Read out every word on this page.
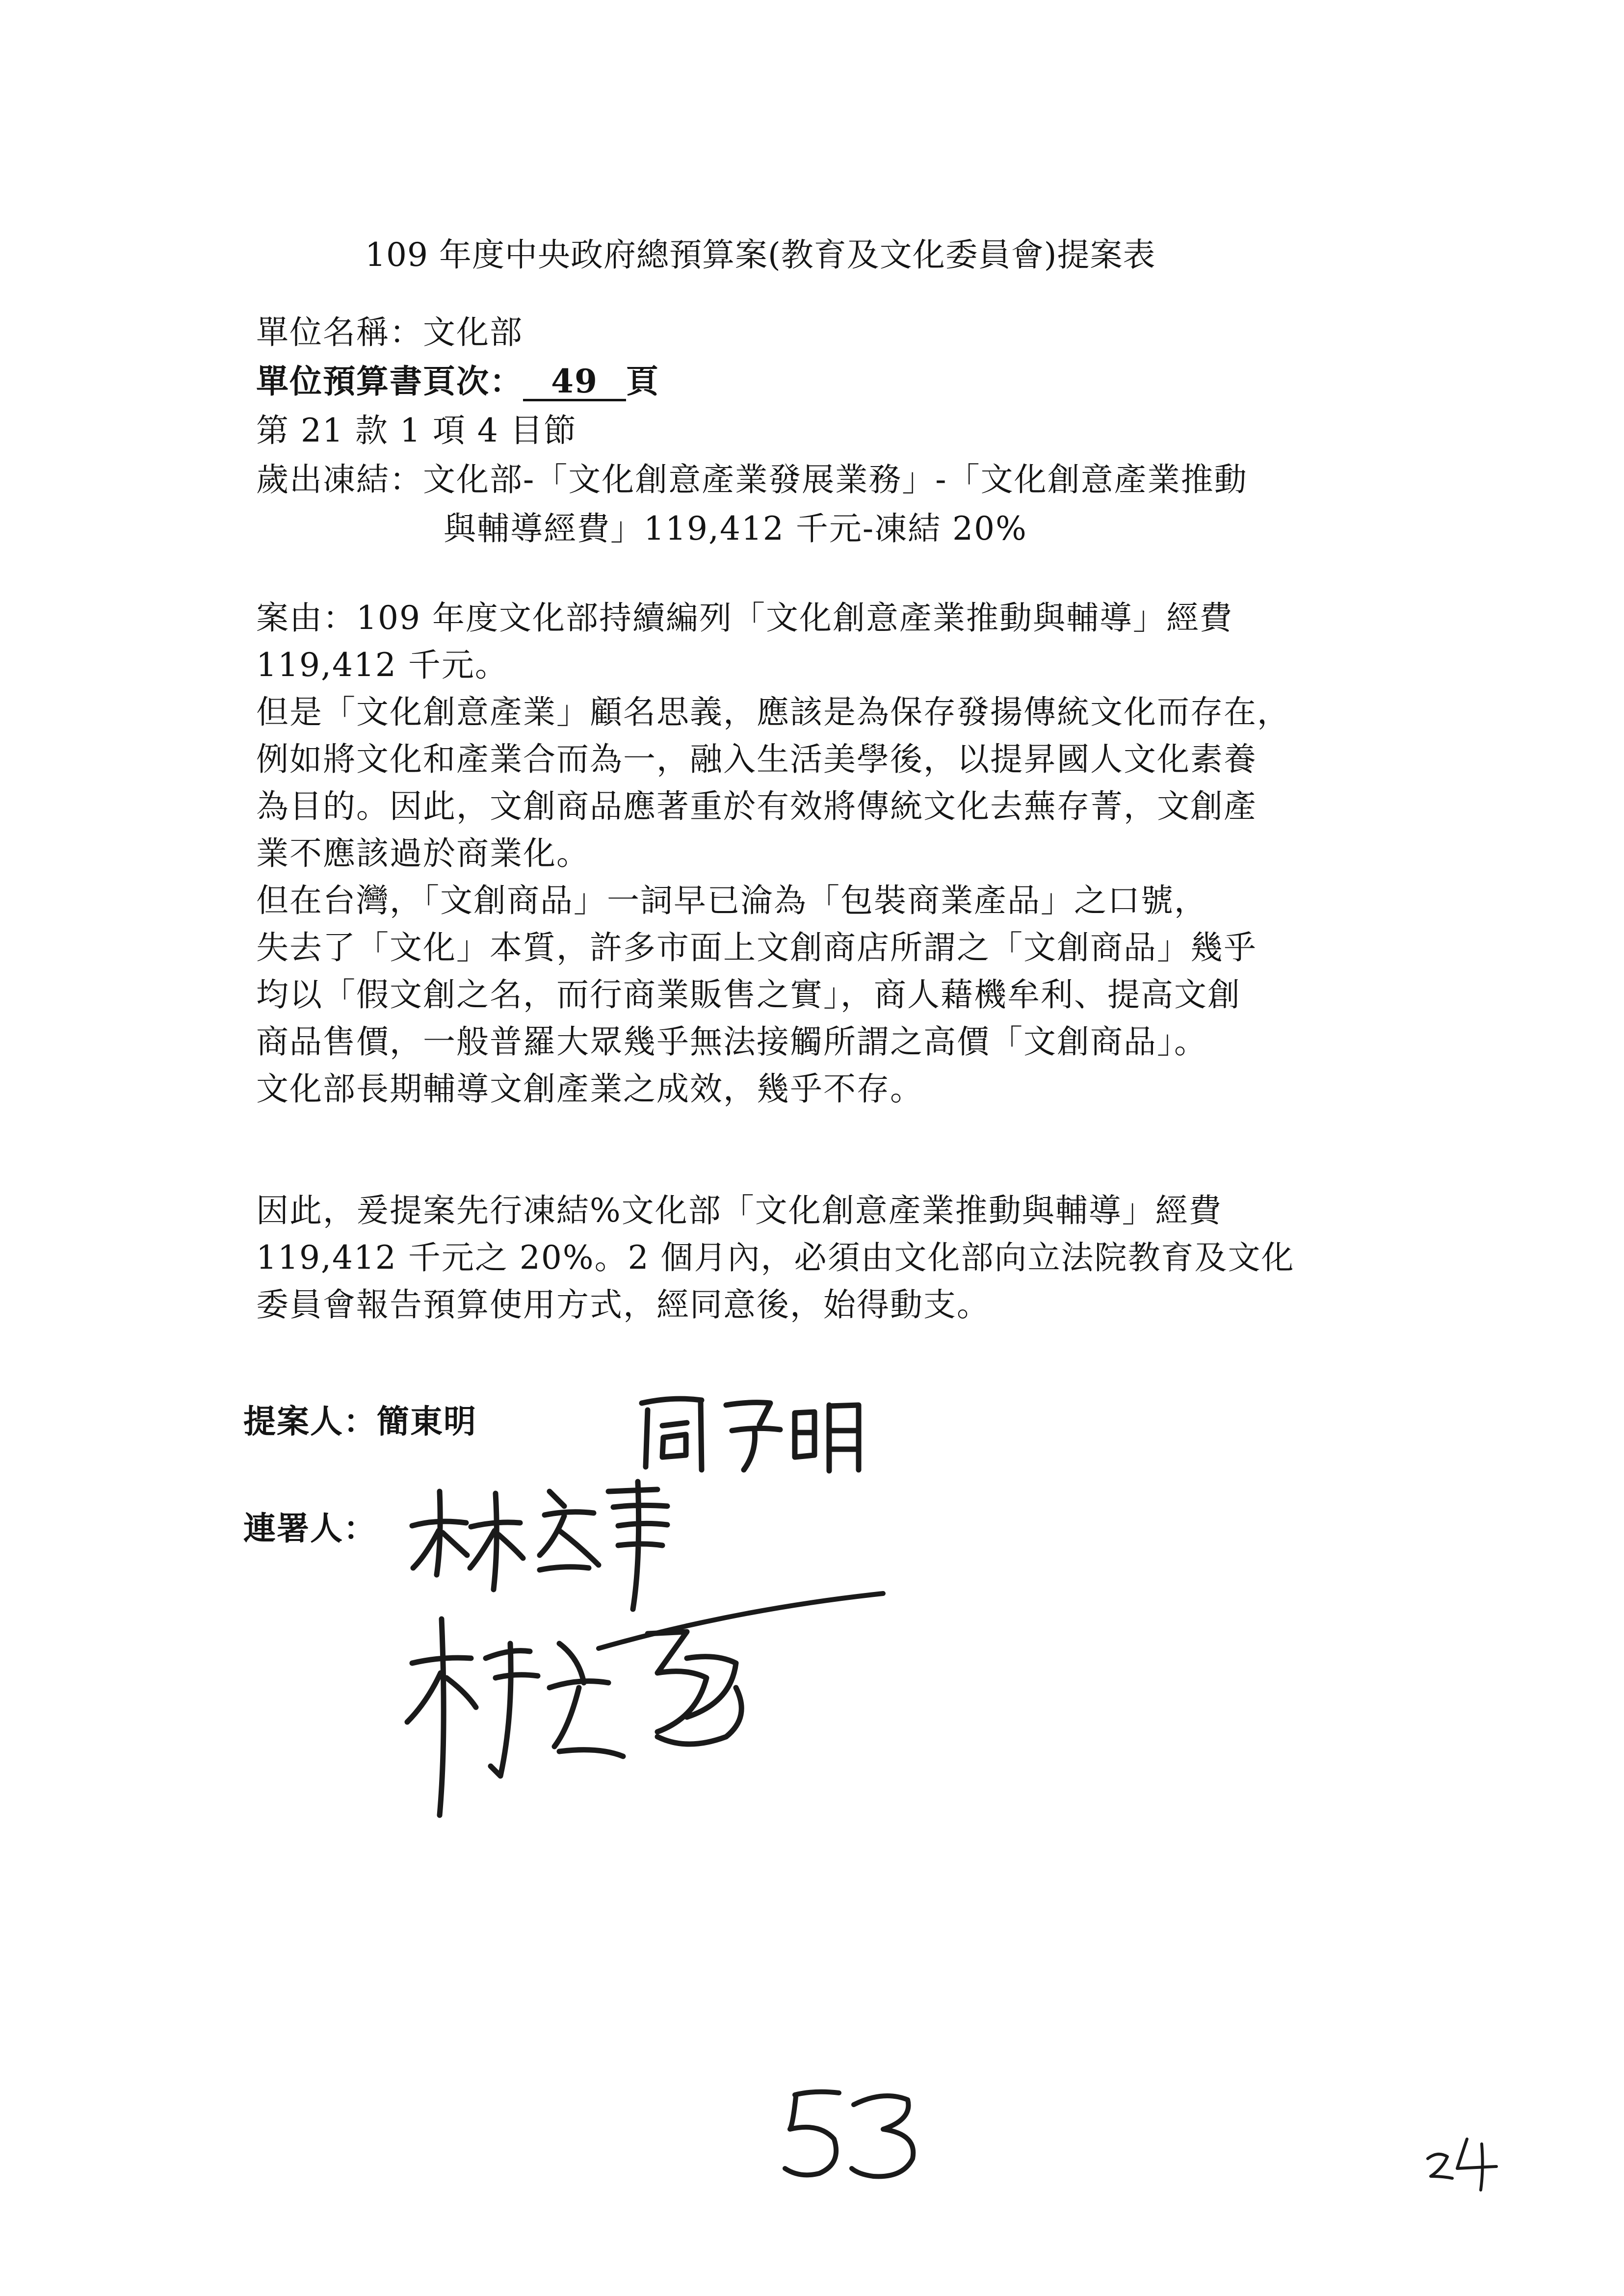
109 年度中央政府總預算案(教育及文化委員會)提案表
單位名稱：文化部
單位預算書頁次： 49 頁
第 21 款 1 項 4 目節
歲出凍結：文化部-「文化創意產業發展業務」-「文化創意產業推動
與輔導經費」119,412 千元-凍結 20%
案由：109 年度文化部持續編列「文化創意產業推動與輔導」經費
119,412 千元。
但是「文化創意產業」顧名思義，應該是為保存發揚傳統文化而存在，
例如將文化和產業合而為一，融入生活美學後，以提昇國人文化素養
為目的。因此，文創商品應著重於有效將傳統文化去蕪存菁，文創產
業不應該過於商業化。
但在台灣，「文創商品」一詞早已淪為「包裝商業產品」之口號，
失去了「文化」本質，許多市面上文創商店所謂之「文創商品」幾乎
均以「假文創之名，而行商業販售之實」，商人藉機牟利、提高文創
商品售價，一般普羅大眾幾乎無法接觸所謂之高價「文創商品」。
文化部長期輔導文創產業之成效，幾乎不存。
因此，爰提案先行凍結%文化部「文化創意產業推動與輔導」經費
119,412 千元之 20%。2 個月內，必須由文化部向立法院教育及文化
委員會報告預算使用方式，經同意後，始得動支。
提案人：簡東明
連署人：
